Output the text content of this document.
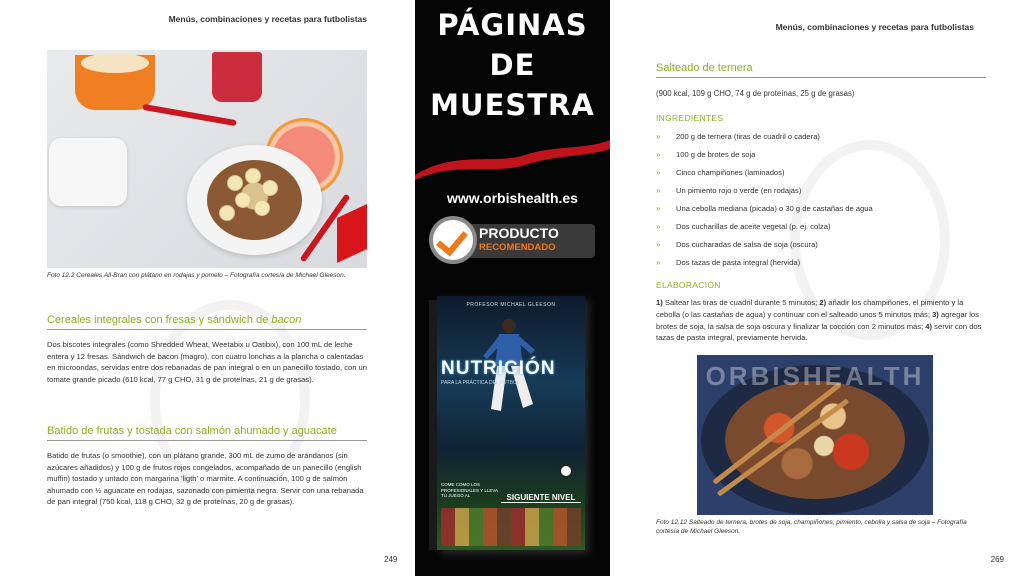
Menús, combinaciones y recetas para futbolistas
Foto 12.2 Cereales All-Bran con plátano en rodajas y pomelo – Fotografía cortesía de Michael Gleeson.
Cereales integrales con fresas y sándwich de bacon
Dos biscotes integrales (como Shredded Wheat, Weetabix u Oatibix), con 100 mL de leche entera y 12 fresas. Sándwich de bacon (magro), con cuatro lonchas a la plancha o calentadas en microondas, servidas entre dos rebanadas de pan integral o en un panecillo tostado, con un tomate grande picado (610 kcal, 77 g CHO, 31 g de proteínas, 21 g de grasas).
Batido de frutas y tostada con salmón ahumado y aguacate
Batido de frutas (o smoothie), con un plátano grande, 300 mL de zumo de arándanos (sin azúcares añadidos) y 100 g de frutos rojos congelados, acompañado de un panecillo (english muffin) tostado y untado con margarina 'ligth' o marmite. A continuación, 100 g de salmón ahumado con ½ aguacate en rodajas, sazonado con pimienta negra. Servir con una rebanada de pan integral (750 kcal, 118 g CHO, 32 g de proteínas, 20 g de grasas).
249
PÁGINAS
DE
MUESTRA
www.orbishealth.es
PRODUCTO
RECOMENDADO
PROFESOR MICHAEL GLEESON
NUTRICIÓN
PARA LA PRÁCTICA DEL FÚTBOL
COME COMO LOS PROFESIONALES Y LLEVA TU JUEGO AL	SIGUIENTE NIVEL
Menús, combinaciones y recetas para futbolistas
Salteado de ternera
(900 kcal, 109 g CHO, 74 g de proteínas, 25 g de grasas)
INGREDIENTES
»	200 g de ternera (tiras de cuadril o cadera)
»	100 g de brotes de soja
»	Cinco champiñones (laminados)
»	Un pimiento rojo o verde (en rodajas)
»	Una cebolla mediana (picada) o 30 g de castañas de agua
»	Dos cucharillas de aceite vegetal (p. ej. colza)
»	Dos cucharadas de salsa de soja (oscura)
»	Dos tazas de pasta integral (hervida)
ELABORACIÓN
1) Saltear las tiras de cuadril durante 5 minutos; 2) añadir los champiñones, el pimiento y la cebolla (o las castañas de agua) y continuar con el salteado unos 5 minutos más; 3) agregar los brotes de soja, la salsa de soja oscura y finalizar la cocción con 2 minutos más; 4) servir con dos tazas de pasta integral, previamente hervida.
ORBISHEALTH
Foto 12.12 Salteado de ternera, brotes de soja, champiñones, pimiento, cebolla y salsa de soja – Fotografía cortesía de Michael Gleeson.
269
